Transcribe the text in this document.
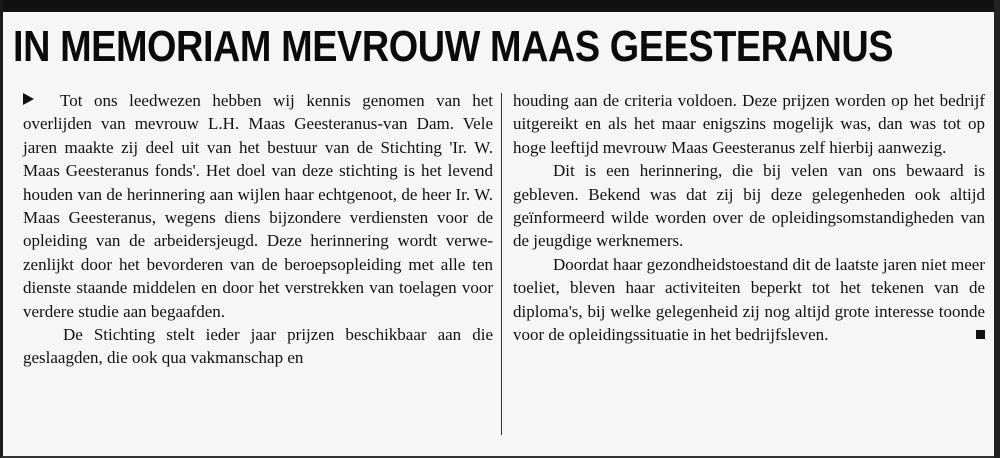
IN MEMORIAM MEVROUW MAAS GEESTERANUS

Tot ons leedwezen hebben wij kennis genomen van het overlijden van mevrouw L.H. Maas Geesteranus-van Dam. Vele jaren maakte zij deel uit van het bestuur van de Stichting 'Ir. W. Maas Geesteranus fonds'. Het doel van deze stichting is het levend houden van de herinnering aan wijlen haar echtgenoot, de heer Ir. W. Maas Geesteranus, wegens diens bijzondere verdiensten voor de opleiding van de arbeidersjeugd. Deze herinnering wordt verwezenlijkt door het bevorderen van de beroepsopleiding met alle ten dienste staande middelen en door het verstrekken van toelagen voor verdere studie aan begaafden.

De Stichting stelt ieder jaar prijzen beschikbaar aan die geslaagden, die ook qua vakmanschap en

houding aan de criteria voldoen. Deze prijzen worden op het bedrijf uitgereikt en als het maar enigszins mogelijk was, dan was tot op hoge leeftijd mevrouw Maas Geesteranus zelf hierbij aanwezig.

Dit is een herinnering, die bij velen van ons bewaard is gebleven. Bekend was dat zij bij deze gelegenheden ook altijd geïnformeerd wilde worden over de opleidingsomstandigheden van de jeugdige werknemers.

Doordat haar gezondheidstoestand dit de laatste jaren niet meer toeliet, bleven haar activiteiten beperkt tot het tekenen van de diploma's, bij welke gelegenheid zij nog altijd grote interesse toonde voor de opleidingssituatie in het bedrijfsleven.
